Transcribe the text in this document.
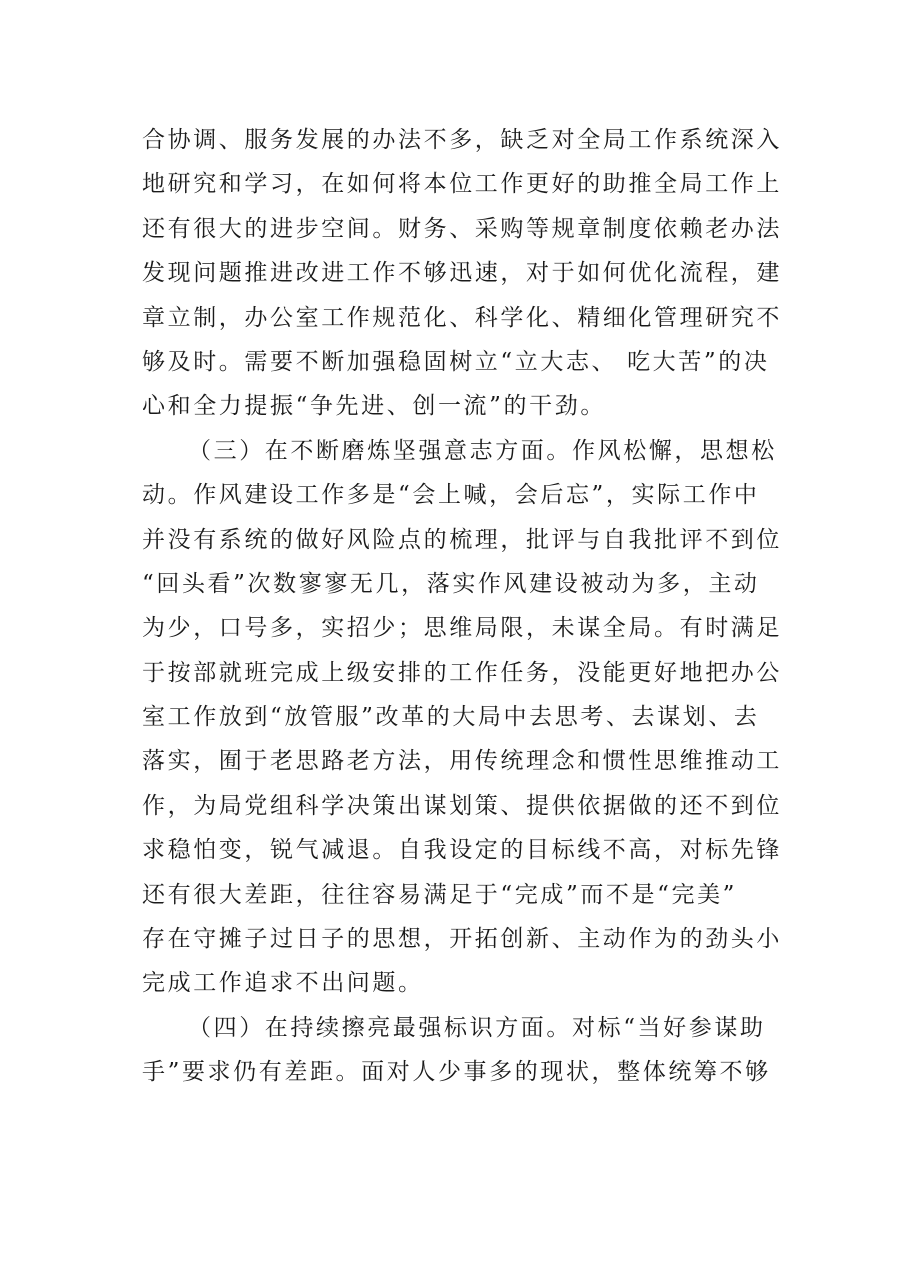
合协调、服务发展的办法不多，缺乏对全局工作系统深入
地研究和学习，在如何将本位工作更好的助推全局工作上
还有很大的进步空间。财务、采购等规章制度依赖老办法
发现问题推进改进工作不够迅速，对于如何优化流程，建
章立制，办公室工作规范化、科学化、精细化管理研究不
够及时。需要不断加强稳固树立“立大志、 吃大苦”的决
心和全力提振“争先进、创一流”的干劲。
（三）在不断磨炼坚强意志方面。作风松懈，思想松
动。作风建设工作多是“会上喊，会后忘”，实际工作中
并没有系统的做好风险点的梳理，批评与自我批评不到位
“回头看”次数寥寥无几，落实作风建设被动为多，主动
为少，口号多，实招少；思维局限，未谋全局。有时满足
于按部就班完成上级安排的工作任务，没能更好地把办公
室工作放到“放管服”改革的大局中去思考、去谋划、去
落实，囿于老思路老方法，用传统理念和惯性思维推动工
作，为局党组科学决策出谋划策、提供依据做的还不到位
求稳怕变，锐气减退。自我设定的目标线不高，对标先锋
还有很大差距，往往容易满足于“完成”而不是“完美”
存在守摊子过日子的思想，开拓创新、主动作为的劲头小
完成工作追求不出问题。
（四）在持续擦亮最强标识方面。对标“当好参谋助
手”要求仍有差距。面对人少事多的现状，整体统筹不够
